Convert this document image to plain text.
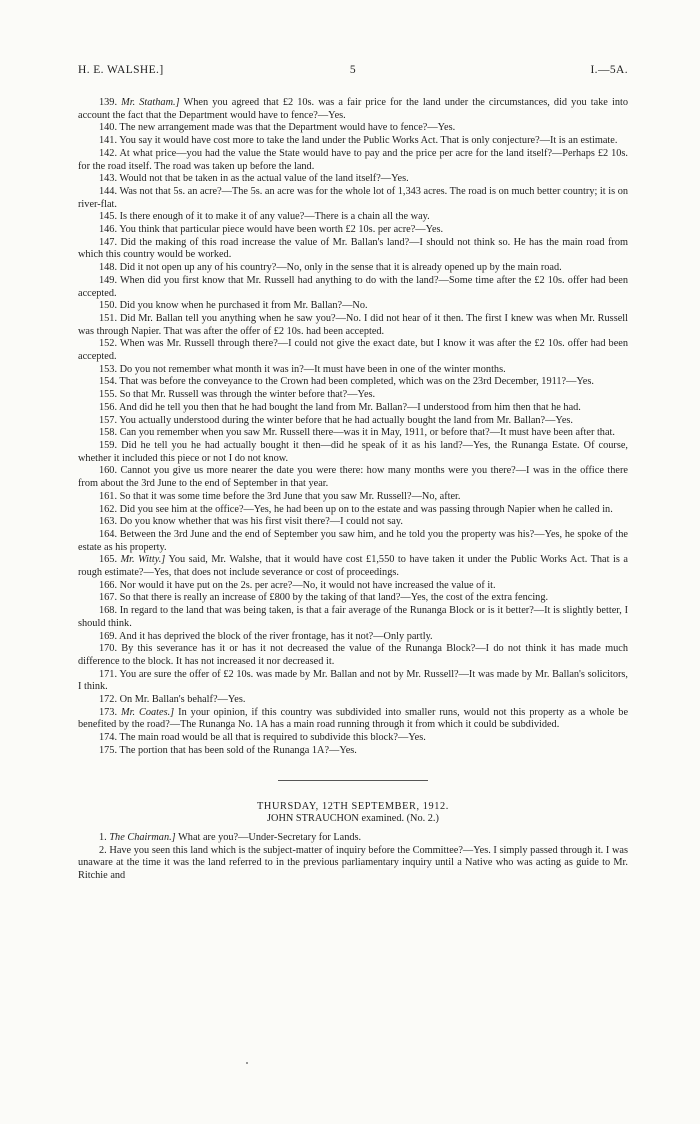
H. E. WALSHE.]	5	I.—5A.

139. Mr. Statham.] When you agreed that £2 10s. was a fair price for the land under the circumstances, did you take into account the fact that the Department would have to fence?—Yes.

140. The new arrangement made was that the Department would have to fence?—Yes.

141. You say it would have cost more to take the land under the Public Works Act. That is only conjecture?—It is an estimate.

142. At what price—you had the value the State would have to pay and the price per acre for the land itself?—Perhaps £2 10s. for the road itself. The road was taken up before the land.

143. Would not that be taken in as the actual value of the land itself?—Yes.

144. Was not that 5s. an acre?—The 5s. an acre was for the whole lot of 1,343 acres. The road is on much better country; it is on river-flat.

145. Is there enough of it to make it of any value?—There is a chain all the way.

146. You think that particular piece would have been worth £2 10s. per acre?—Yes.

147. Did the making of this road increase the value of Mr. Ballan's land?—I should not think so. He has the main road from which this country would be worked.

148. Did it not open up any of his country?—No, only in the sense that it is already opened up by the main road.

149. When did you first know that Mr. Russell had anything to do with the land?—Some time after the £2 10s. offer had been accepted.

150. Did you know when he purchased it from Mr. Ballan?—No.

151. Did Mr. Ballan tell you anything when he saw you?—No. I did not hear of it then. The first I knew was when Mr. Russell was through Napier. That was after the offer of £2 10s. had been accepted.

152. When was Mr. Russell through there?—I could not give the exact date, but I know it was after the £2 10s. offer had been accepted.

153. Do you not remember what month it was in?—It must have been in one of the winter months.

154. That was before the conveyance to the Crown had been completed, which was on the 23rd December, 1911?—Yes.

155. So that Mr. Russell was through the winter before that?—Yes.

156. And did he tell you then that he had bought the land from Mr. Ballan?—I understood from him then that he had.

157. You actually understood during the winter before that he had actually bought the land from Mr. Ballan?—Yes.

158. Can you remember when you saw Mr. Russell there—was it in May, 1911, or before that?—It must have been after that.

159. Did he tell you he had actually bought it then—did he speak of it as his land?—Yes, the Runanga Estate. Of course, whether it included this piece or not I do not know.

160. Cannot you give us more nearer the date you were there: how many months were you there?—I was in the office there from about the 3rd June to the end of September in that year.

161. So that it was some time before the 3rd June that you saw Mr. Russell?—No, after.

162. Did you see him at the office?—Yes, he had been up on to the estate and was passing through Napier when he called in.

163. Do you know whether that was his first visit there?—I could not say.

164. Between the 3rd June and the end of September you saw him, and he told you the property was his?—Yes, he spoke of the estate as his property.

165. Mr. Witty.] You said, Mr. Walshe, that it would have cost £1,550 to have taken it under the Public Works Act. That is a rough estimate?—Yes, that does not include severance or cost of proceedings.

166. Nor would it have put on the 2s. per acre?—No, it would not have increased the value of it.

167. So that there is really an increase of £800 by the taking of that land?—Yes, the cost of the extra fencing.

168. In regard to the land that was being taken, is that a fair average of the Runanga Block or is it better?—It is slightly better, I should think.

169. And it has deprived the block of the river frontage, has it not?—Only partly.

170. By this severance has it or has it not decreased the value of the Runanga Block?—I do not think it has made much difference to the block. It has not increased it nor decreased it.

171. You are sure the offer of £2 10s. was made by Mr. Ballan and not by Mr. Russell?—It was made by Mr. Ballan's solicitors, I think.

172. On Mr. Ballan's behalf?—Yes.

173. Mr. Coates.] In your opinion, if this country was subdivided into smaller runs, would not this property as a whole be benefited by the road?—The Runanga No. 1A has a main road running through it from which it could be subdivided.

174. The main road would be all that is required to subdivide this block?—Yes.

175. The portion that has been sold of the Runanga 1A?—Yes.

THURSDAY, 12TH SEPTEMBER, 1912.

JOHN STRAUCHON examined. (No. 2.)

1. The Chairman.] What are you?—Under-Secretary for Lands.

2. Have you seen this land which is the subject-matter of inquiry before the Committee?—Yes. I simply passed through it. I was unaware at the time it was the land referred to in the previous parliamentary inquiry until a Native who was acting as guide to Mr. Ritchie and
